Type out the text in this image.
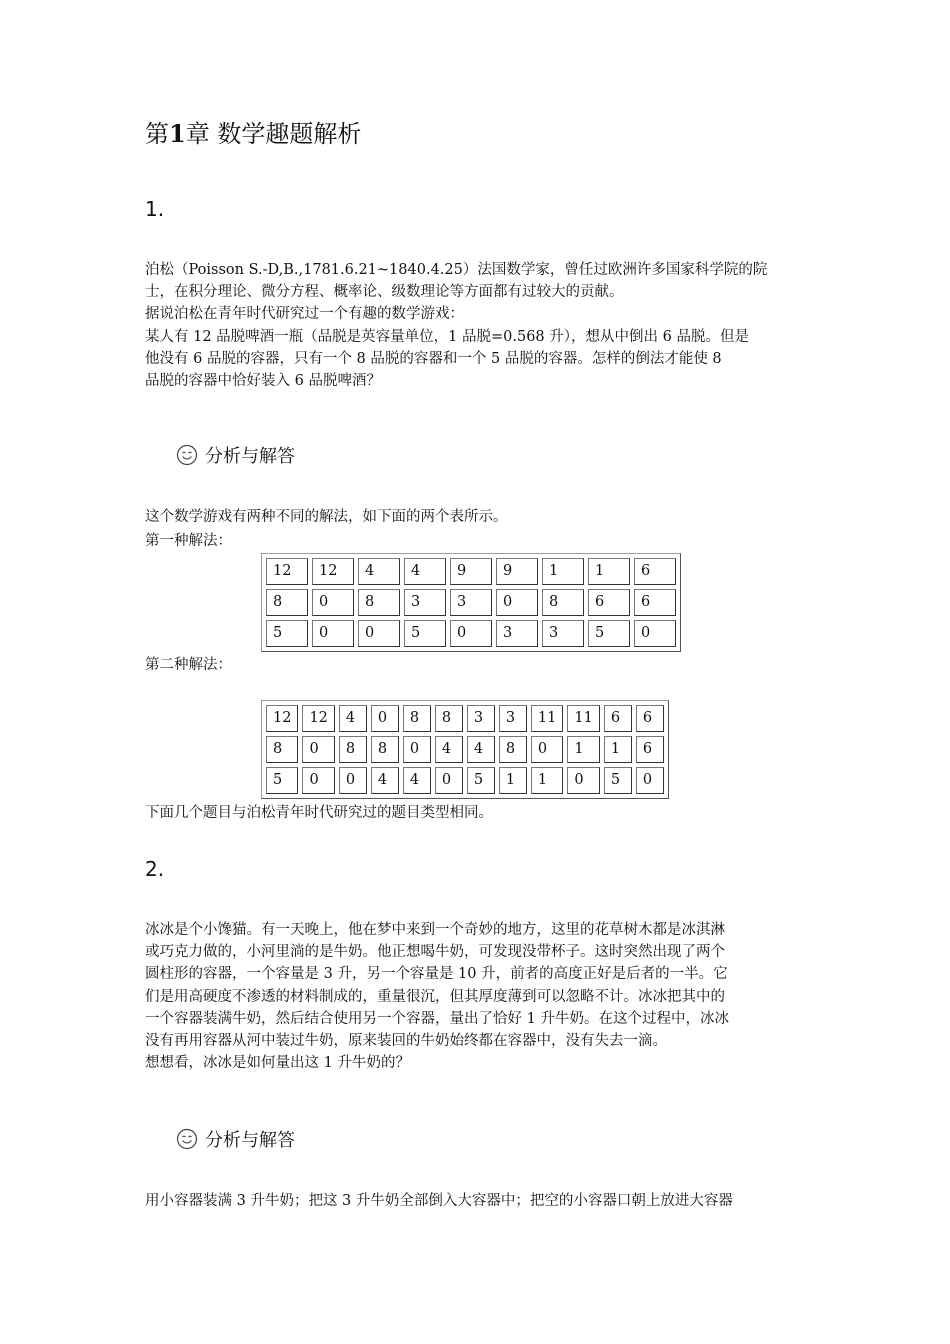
第1章 数学趣题解析
1.
泊松（Poisson S.-D,B.,1781.6.21~1840.4.25）法国数学家，曾任过欧洲许多国家科学院的院
士，在积分理论、微分方程、概率论、级数理论等方面都有过较大的贡献。
据说泊松在青年时代研究过一个有趣的数学游戏：
某人有 12 品脱啤酒一瓶（品脱是英容量单位，1 品脱=0.568 升），想从中倒出 6 品脱。但是
他没有 6 品脱的容器，只有一个 8 品脱的容器和一个 5 品脱的容器。怎样的倒法才能使 8
品脱的容器中恰好装入 6 品脱啤酒？
分析与解答

这个数学游戏有两种不同的解法，如下面的两个表所示。

第一种解法：

12	12	4	4	9	9	1	1	6
8	0	8	3	3	0	8	6	6
5	0	0	5	0	3	3	5	0

第二种解法：

12	12	4	0	8	8	3	3	11	11	6	6
8	0	8	8	0	4	4	8	0	1	1	6
5	0	0	4	4	0	5	1	1	0	5	0

下面几个题目与泊松青年时代研究过的题目类型相同。

2.
冰冰是个小馋猫。有一天晚上，他在梦中来到一个奇妙的地方，这里的花草树木都是冰淇淋
或巧克力做的，小河里淌的是牛奶。他正想喝牛奶，可发现没带杯子。这时突然出现了两个
圆柱形的容器，一个容量是 3 升，另一个容量是 10 升，前者的高度正好是后者的一半。它
们是用高硬度不渗透的材料制成的，重量很沉，但其厚度薄到可以忽略不计。冰冰把其中的
一个容器装满牛奶，然后结合使用另一个容器，量出了恰好 1 升牛奶。在这个过程中，冰冰
没有再用容器从河中装过牛奶，原来装回的牛奶始终都在容器中，没有失去一滴。
想想看，冰冰是如何量出这 1 升牛奶的？
分析与解答

用小容器装满 3 升牛奶；把这 3 升牛奶全部倒入大容器中；把空的小容器口朝上放进大容器
